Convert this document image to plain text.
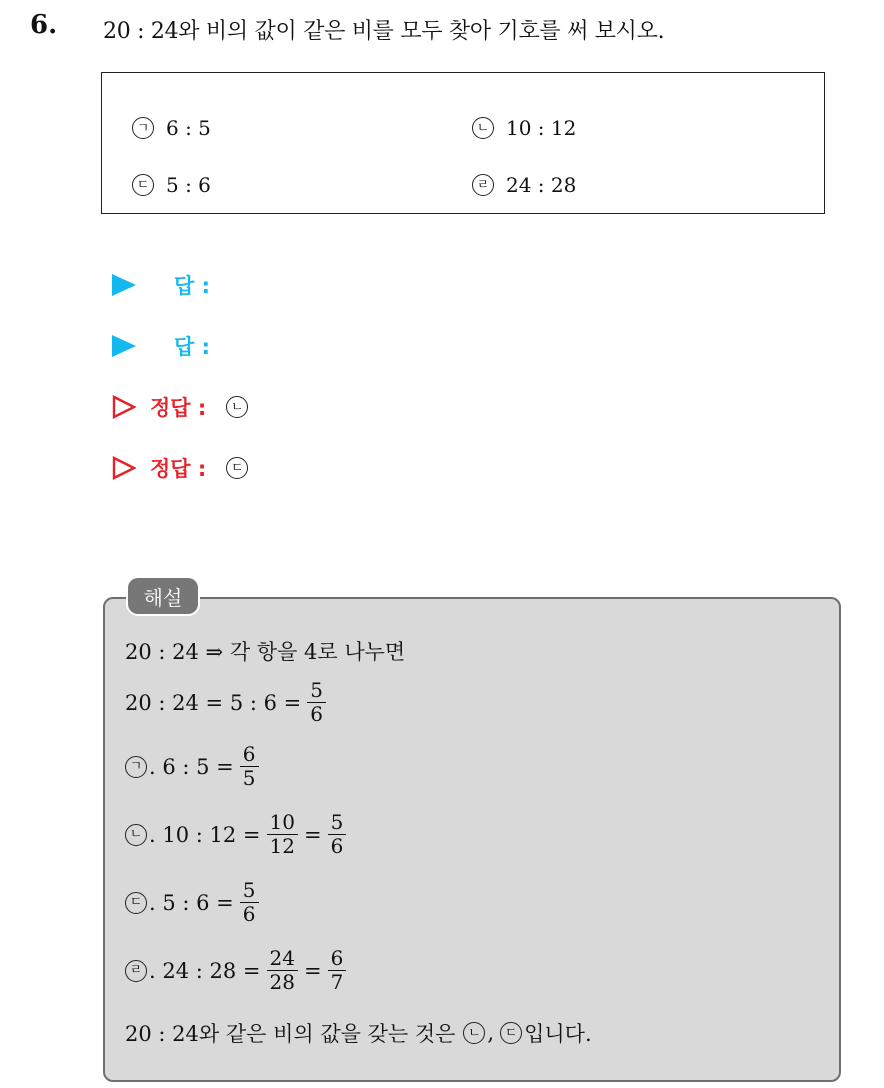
6. 20 : 24와 비의 값이 같은 비를 모두 찾아 기호를 써 보시오.
ㄱ 6 : 5	ㄴ 10 : 12
ㄷ 5 : 6	ㄹ 24 : 28
답 :
답 :
정답 :	ㄴ
정답 :	ㄷ
해설
20 : 24 ⇒ 각 항을 4로 나누면
20 : 24 = 5 : $6 = \frac{5}{6}$
ㄱ . 6 : $5 = \frac{6}{5}$
ㄴ . 10 : $12 = \frac{10}{12} = \frac{5}{6}$
ㄷ . 5 : $6 = \frac{5}{6}$
ㄹ . 24 : $28 = \frac{24}{28} = \frac{6}{7}$
20 : 24와 같은 비의 값을 갖는 것은 ㄴ , ㄷ 입니다.
